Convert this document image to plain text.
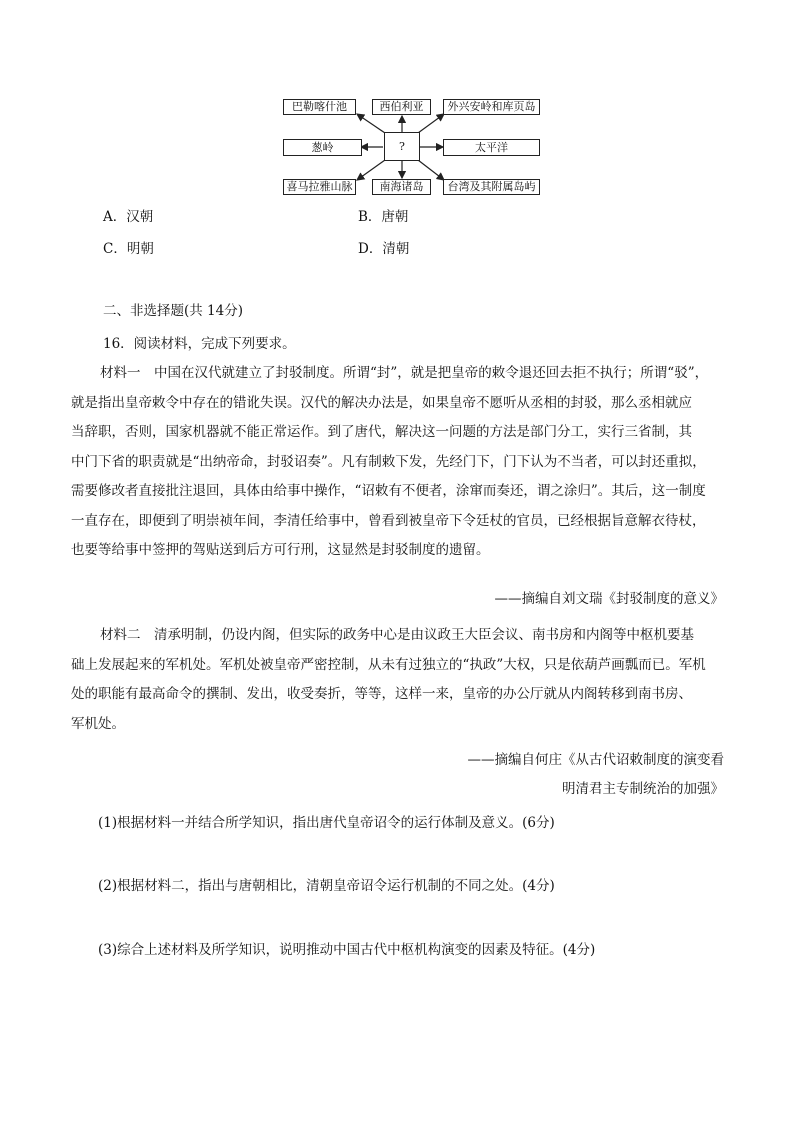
?
巴勒喀什池	西伯利亚	外兴安岭和库页岛
葱岭	太平洋
喜马拉雅山脉	南海诸岛	台湾及其附属岛屿
A．汉朝	B．唐朝
C．明朝	D．清朝
二、非选择题(共 14分)
16．阅读材料，完成下列要求。
材料一　中国在汉代就建立了封驳制度。所谓“封”，就是把皇帝的敕令退还回去拒不执行；所谓“驳”，
就是指出皇帝敕令中存在的错讹失误。汉代的解决办法是，如果皇帝不愿听从丞相的封驳，那么丞相就应
当辞职，否则，国家机器就不能正常运作。到了唐代，解决这一问题的方法是部门分工，实行三省制，其
中门下省的职责就是“出纳帝命，封驳诏奏”。凡有制敕下发，先经门下，门下认为不当者，可以封还重拟，
需要修改者直接批注退回，具体由给事中操作，“诏敕有不便者，涂窜而奏还，谓之涂归”。其后，这一制度
一直存在，即便到了明崇祯年间，李清任给事中，曾看到被皇帝下令廷杖的官员，已经根据旨意解衣待杖，
也要等给事中签押的驾贴送到后方可行刑，这显然是封驳制度的遗留。
——摘编自刘文瑞《封驳制度的意义》
材料二　清承明制，仍设内阁，但实际的政务中心是由议政王大臣会议、南书房和内阁等中枢机要基
础上发展起来的军机处。军机处被皇帝严密控制，从未有过独立的“执政”大权，只是依葫芦画瓢而已。军机
处的职能有最高命令的撰制、发出，收受奏折，等等，这样一来，皇帝的办公厅就从内阁转移到南书房、
军机处。
——摘编自何庄《从古代诏敕制度的演变看
明清君主专制统治的加强》
(1)根据材料一并结合所学知识，指出唐代皇帝诏令的运行体制及意义。(6分)
(2)根据材料二，指出与唐朝相比，清朝皇帝诏令运行机制的不同之处。(4分)
(3)综合上述材料及所学知识，说明推动中国古代中枢机构演变的因素及特征。(4分)
